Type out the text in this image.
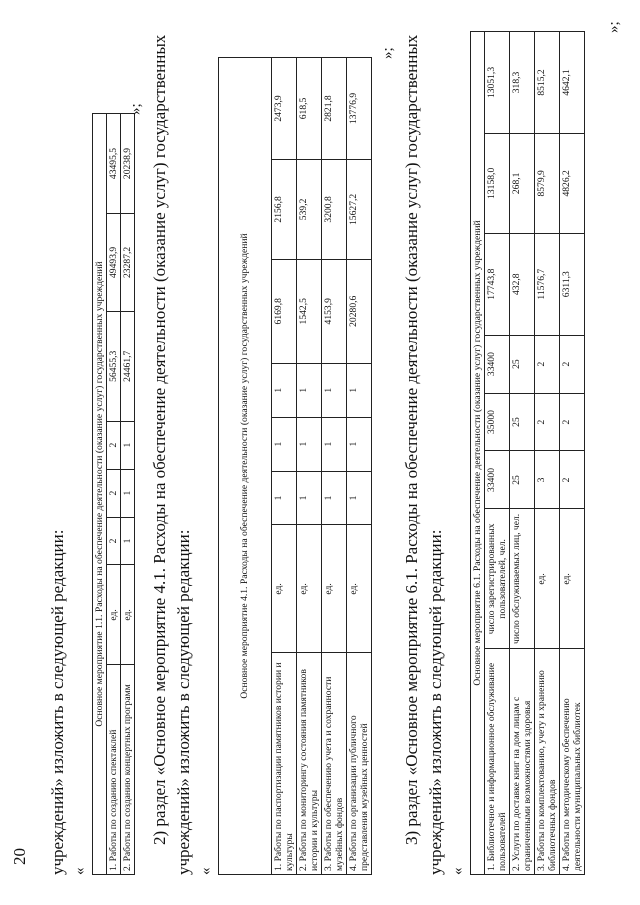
20 учреждений» изложить в следующей редакции: «
Основное мероприятие 1.1. Расходы на обеспечение деятельности (оказание услуг) государственных учреждений							
1. Работы по созданию спектаклей	ед.	2	2	2	56455,3	49493,9	43495,5
2. Работы по созданию концертных программ	ед.	1	1	1	24461,7	23287,2	20238,9
»; 2) раздел «Основное мероприятие 4.1. Расходы на обеспечение деятельности (оказание услуг) государственных учреждений» изложить в следующей редакции: «
Основное мероприятие 4.1. Расходы на обеспечение деятельности (оказание услуг) государственных учреждений							
1. Работы по паспортизации памятников истории и культуры	ед.	1	1	1	6169,8	2156,8	2473,9
2. Работы по мониторингу состояния памятников истории и культуры	ед.	1	1	1	1542,5	539,2	618,5
3. Работы по обеспечению учета и сохранности музейных фондов	ед.	1	1	1	4153,9	3200,8	2821,8
4. Работы по организации публичного представления музейных ценностей	ед.	1	1	1	20280,6	15627,2	13776,9
»; 3) раздел «Основное мероприятие 6.1. Расходы на обеспечение деятельности (оказание услуг) государственных учреждений» изложить в следующей редакции: «
Основное мероприятие 6.1. Расходы на обеспечение деятельности (оказание услуг) государственных учреждений							
1. Библиотечное и информационное обслуживание пользователей	число зарегистрированных пользователей, чел.	33400	35000	33400	17743,8	13158,0	13051,3
2. Услуги по доставке книг на дом лицам с ограниченными возможностями здоровья	число обслуживаемых лиц, чел.	25	25	25	432,8	268,1	318,3
3. Работы по комплектованию, учету и хранению библиотечных фондов	ед.	3	2	2	11576,7	8579,9	8515,2
4. Работы по методическому обеспечению деятельности муниципальных библиотек	ед.	2	2	2	6311,3	4826,2	4642,1
»;
